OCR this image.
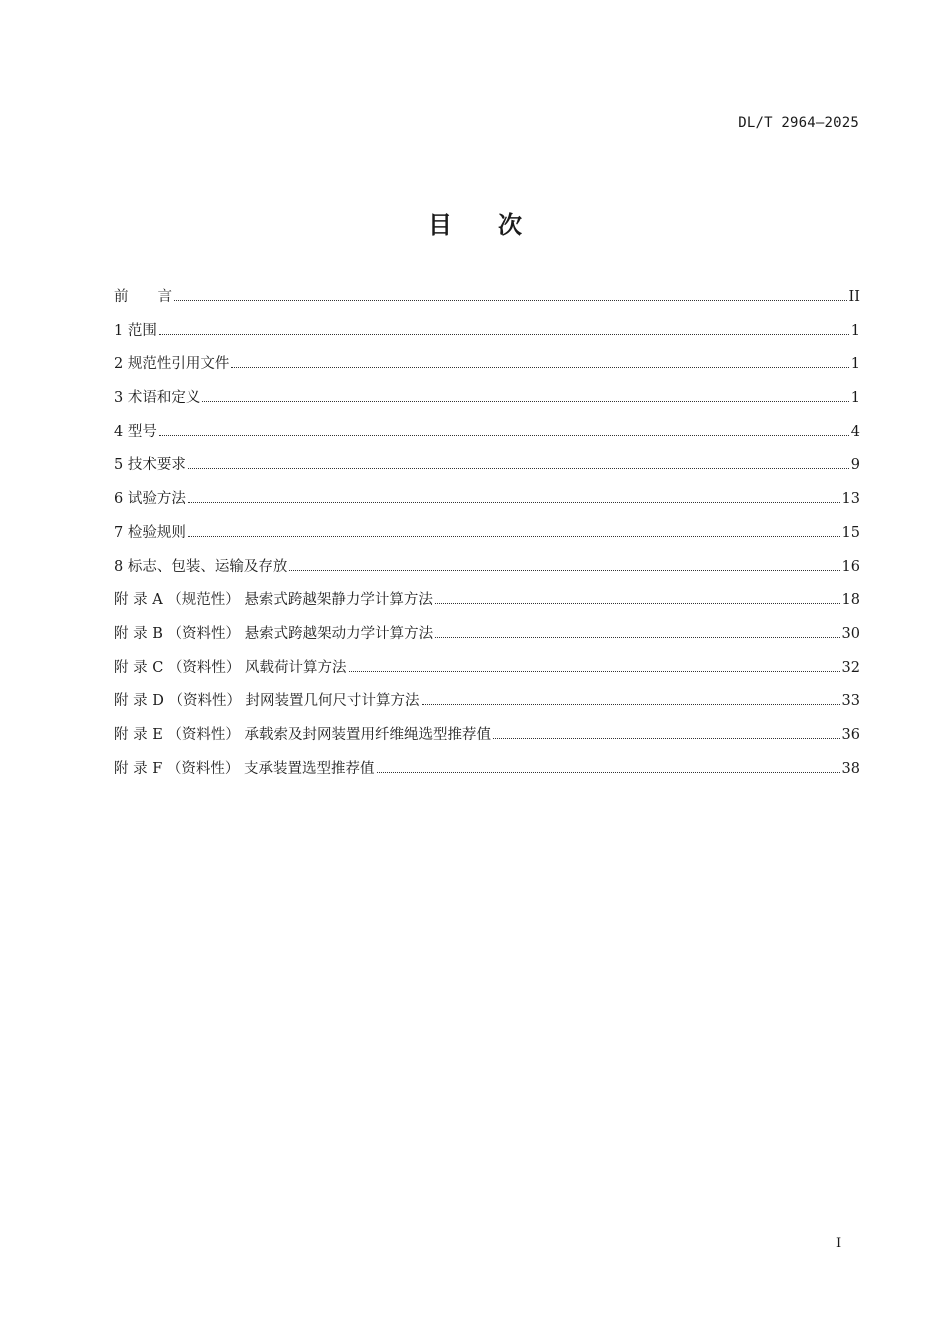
DL/T 2964—2025
目 次
前　　言	II
1 范围	1
2 规范性引用文件	1
3 术语和定义	1
4 型号	4
5 技术要求	9
6 试验方法	13
7 检验规则	15
8 标志、包装、运输及存放	16
附 录 A （规范性） 悬索式跨越架静力学计算方法	18
附 录 B （资料性） 悬索式跨越架动力学计算方法	30
附 录 C （资料性） 风载荷计算方法	32
附 录 D （资料性） 封网装置几何尺寸计算方法	33
附 录 E （资料性） 承载索及封网装置用纤维绳选型推荐值	36
附 录 F （资料性） 支承装置选型推荐值	38
I
